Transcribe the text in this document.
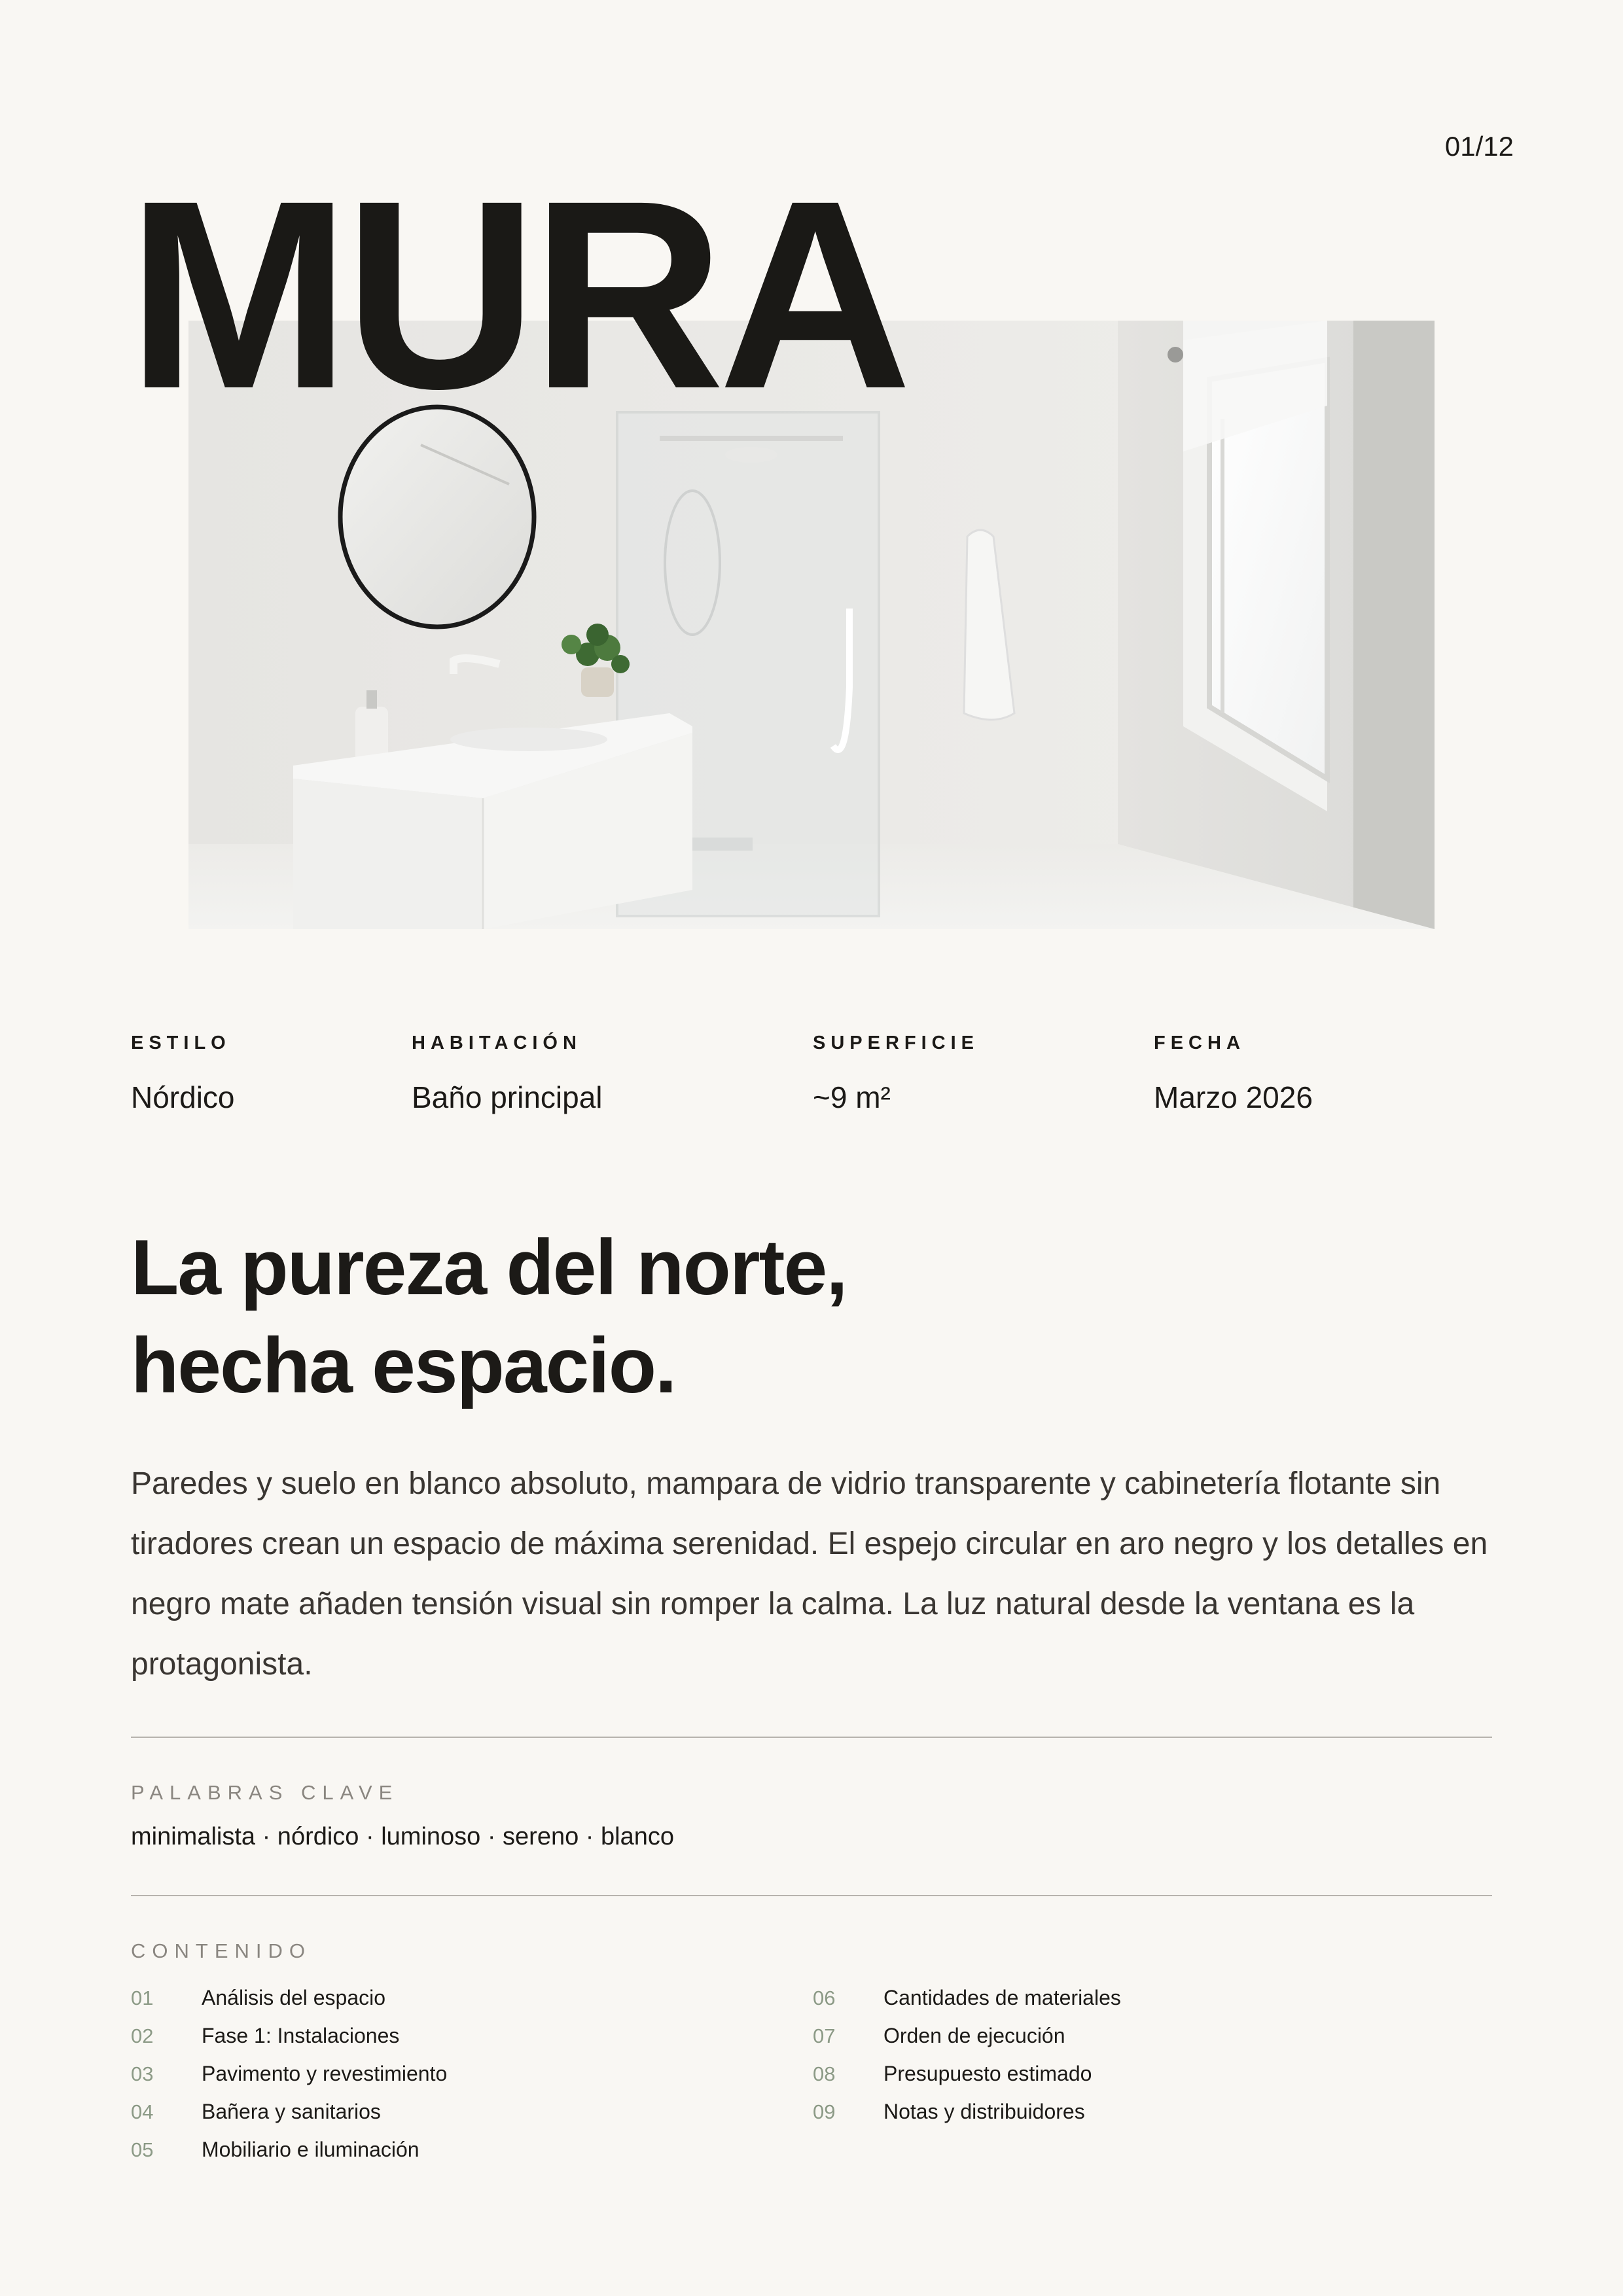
01/12
MURA
ESTILO
Nórdico
HABITACIÓN
Baño principal
SUPERFICIE
~9 m²
FECHA
Marzo 2026
La pureza del norte,
hecha espacio.

Paredes y suelo en blanco absoluto, mampara de vidrio transparente y cabinetería flotante sin tiradores crean un espacio de máxima serenidad. El espejo circular en aro negro y los detalles en negro mate añaden tensión visual sin romper la calma. La luz natural desde la ventana es la protagonista.

PALABRAS CLAVE
minimalista · nórdico · luminoso · sereno · blanco
CONTENIDO
01 Análisis del espacio
02 Fase 1: Instalaciones
03 Pavimento y revestimiento
04 Bañera y sanitarios
05 Mobiliario e iluminación
06 Cantidades de materiales
07 Orden de ejecución
08 Presupuesto estimado
09 Notas y distribuidores
